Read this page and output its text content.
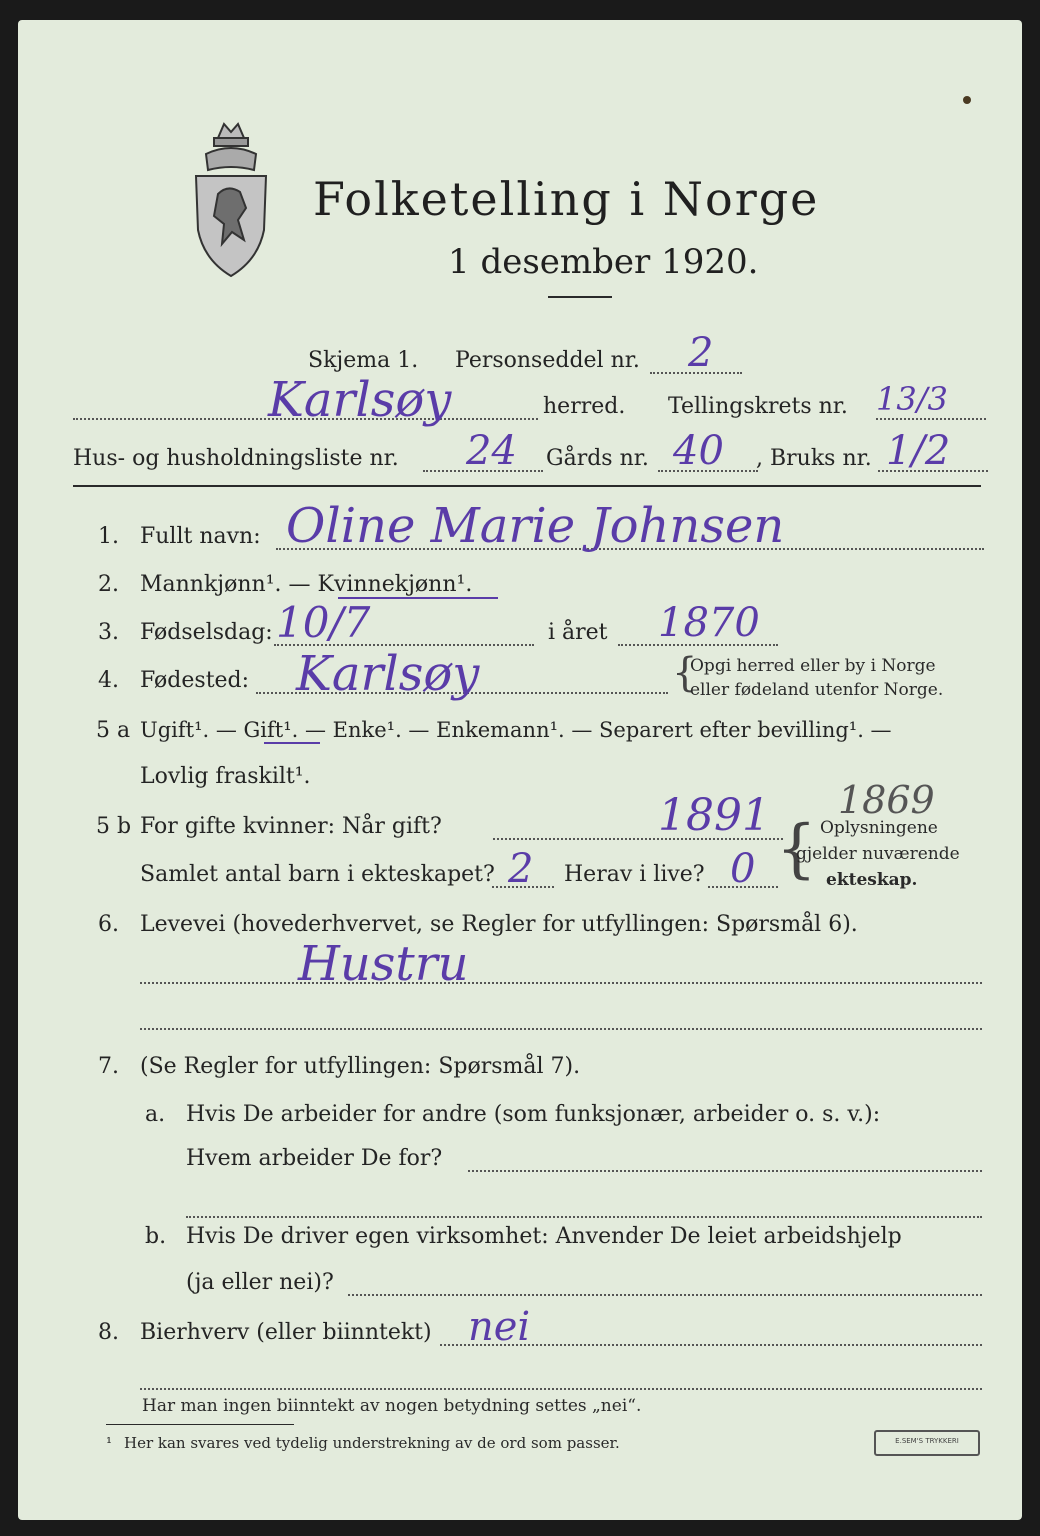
Folketelling i Norge
1 desember 1920.
Skjema 1. Personseddel nr. 2
Karlsøy	herred. Tellingskrets nr. 13/3
Hus- og husholdningsliste nr. 24 Gårds nr. 40 , Bruks nr. 1/2
1. Fullt navn: Oline Marie Johnsen
2. Mannkjønn¹. — Kvinnekjønn¹.
3. Fødselsdag: 10/7	i året 1870
4. Fødested: Karlsøy	{
Opgi herred eller by i Norge
eller fødeland utenfor Norge.
5 a Ugift¹. — Gift¹. — Enke¹. — Enkemann¹. — Separert efter bevilling¹. —
Lovlig fraskilt¹.
5 b For gifte kvinner: Når gift?	1891 1869
Samlet antal barn i ekteskapet? 2 Herav i live? 0 { Oplysningene
gjelder nuværende
ekteskap.
6. Levevei (hovederhvervet, se Regler for utfyllingen: Spørsmål 6).
Hustru
7. (Se Regler for utfyllingen: Spørsmål 7).
a. Hvis De arbeider for andre (som funksjonær, arbeider o. s. v.):
Hvem arbeider De for?
b. Hvis De driver egen virksomhet: Anvender De leiet arbeidshjelp
(ja eller nei)?
8. Bierhverv (eller biinntekt) nei
Har man ingen biinntekt av nogen betydning settes „nei“.
¹ Her kan svares ved tydelig understrekning av de ord som passer.	E.SEM'S TRYKKERI
